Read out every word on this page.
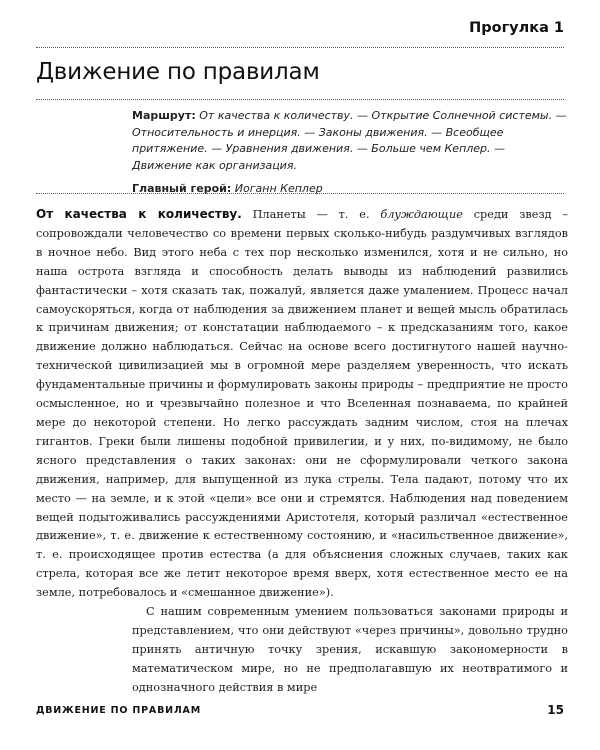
Прогулка 1
Движение по правилам
Маршрут: От качества к количеству. — Открытие Солнечной системы. — Относительность и инерция. — Законы движения. — Всеобщее притяжение. — Уравнения движения. — Больше чем Кеплер. — Движение как организация.
Главный герой: Иоганн Кеплер

От качества к количеству. Планеты — т. е. блуждающие среди звезд – сопровождали человечество со времени первых сколько-нибудь раздумчивых взглядов в ночное небо. Вид этого неба с тех пор несколько изменился, хотя и не сильно, но наша острота взгляда и способность делать выводы из наблюдений развились фантастически – хотя сказать так, пожалуй, является даже умалением. Процесс начал самоускоряться, когда от наблюдения за движением планет и вещей мысль обратилась к причинам движения; от констатации наблюдаемого – к предсказаниям того, какое движение должно наблюдаться. Сейчас на основе всего достигнутого нашей научно-технической цивилизацией мы в огромной мере разделяем уверенность, что искать фундаментальные причины и формулировать законы природы – предприятие не просто осмысленное, но и чрезвычайно полезное и что Вселенная познаваема, по крайней мере до некоторой степени. Но легко рассуждать задним числом, стоя на плечах гигантов. Греки были лишены подобной привилегии, и у них, по-видимому, не было ясного представления о таких законах: они не сформулировали четкого закона движения, например, для выпущенной из лука стрелы. Тела падают, потому что их место — на земле, и к этой «цели» все они и стремятся. Наблюдения над поведением вещей подытоживались рассуждениями Аристотеля, который различал «естественное движение», т. е. движение к естественному состоянию, и «насильственное движение», т. е. происходящее против естества (а для объяснения сложных случаев, таких как стрела, которая все же летит некоторое время вверх, хотя естественное место ее на земле, потребовалось и «смешанное движение»).

С нашим современным умением пользоваться законами природы и представлением, что они действуют «через причины», довольно трудно принять античную точку зрения, искавшую закономерности в математическом мире, но не предполагавшую их неотвратимого и однозначного действия в мире

ДВИЖЕНИЕ ПО ПРАВИЛАМ	15
